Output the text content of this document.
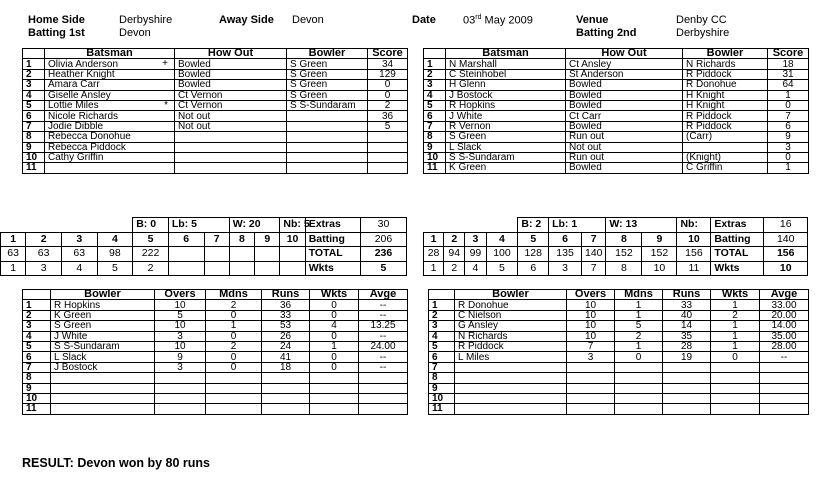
Home Side	Derbyshire	Away Side Devon
Batting 1st	Devon
Date 03rd May 2009	Venue	Denby CC
Batting 2nd	Derbyshire
	Batsman	How Out	Bowler	Score
1	Olivia Anderson +	Bowled	S Green	34
2	Heather Knight	Bowled	S Green	129
3	Amara Carr	Bowled	S Green	0
4	Giselle Ansley	Ct Vernon	S Green	0
5	Lottie Miles *	Ct Vernon	S S-Sundaram	2
6	Nicole Richards	Not out		36
7	Jodie Dibble	Not out		5
8	Rebecca Donohue

9	Rebecca Piddock

10	Cathy Griffin

11	

	Batsman	How Out	Bowler	Score
1	N Marshall	Ct Ansley	N Richards	18
2	C Steinhobel	St Anderson	R Piddock	31
3	H Glenn	Bowled	R Donohue	64
4	J Bostock	Bowled	H Knight	1
5	R Hopkins	Bowled	H Knight	0
6	J White	Ct Carr	R Piddock	7
7	R Vernon	Bowled	R Piddock	6
8	S Green	Run out	(Carr)	9
9	L Slack	Not out		3
10	S S-Sundaram	Run out	(Knight)	0
11	K Green	Bowled	C Griffin	1
				B: 0	Lb: 5		W: 20		Nb: 5	Extras	30
1	2	3	4	5	6	7	8	9	10	Batting	206
63	63	63	98	222						TOTAL	236
1	3	4	5	2						Wkts	5
				B: 2	Lb: 1		W: 13		Nb:	Extras	16
1	2	3	4	5	6	7	8	9	10	Batting	140
28	94	99	100	128	135	140	152	152	156	TOTAL	156
1	2	4	5	6	3	7	8	10	11	Wkts	10
	Bowler	Overs	Mdns	Runs	Wkts	Avge
1	R Hopkins	10	2	36	0	--
2	K Green	5	0	33	0	--
3	S Green	10	1	53	4	13.25
4	J White	3	0	26	0	--
5	S S-Sundaram	10	2	24	1	24.00
6	L Slack	9	0	41	0	--
7	J Bostock	3	0	18	0	--
8						
9						
10						
11						
	Bowler	Overs	Mdns	Runs	Wkts	Avge
1	R Donohue	10	1	33	1	33.00
2	C Nielson	10	1	40	2	20.00
3	G Ansley	10	5	14	1	14.00
4	N Richards	10	2	35	1	35.00
5	R Piddock	7	1	28	1	28.00
6	L Miles	3	0	19	0	--
7						
8						
9						
10						
11						
RESULT: Devon won by 80 runs
